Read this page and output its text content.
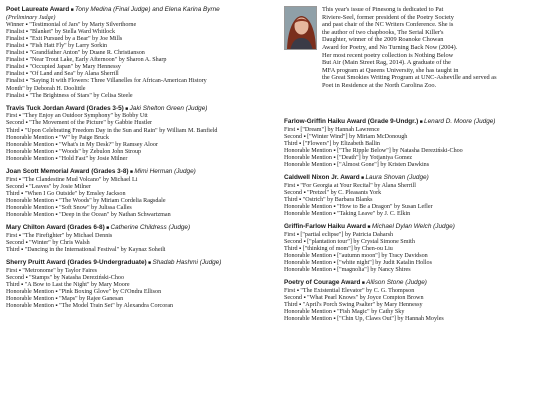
Poet Laureate Award ■ Tony Medina (Final Judge) and Elena Karina Byrne
(Preliminary Judge)
Winner ▪ "Testimonial of Jars" by Marty Silverthorne
Finalist ▪ "Blanket" by Stella Ward Whitlock
Finalist ▪ "Exit Pursued by a Bear" by Joe Mills
Finalist ▪ "Fish Hatt Fly" by Larry Sorkin
Finalist ▪ "Grandfather Anton" by Duane R. Christianson
Finalist ▪ "Near Trout Lake, Early Afternoon" by Sharon A. Sharp
Finalist ▪ "Occupied Japan" by Mary Hennessy
Finalist ▪ "Of Land and Sea" by Alana Sherrill
Finalist ▪ "Saying It with Flowers: Three Villanelles for African-American History
Month" by Deborah H. Doolittle
Finalist ▪ "The Brightness of Stars" by Celisa Steele
Travis Tuck Jordan Award (Grades 3-5) ■ Jaki Shelton Green (Judge)
First ▪ "They Enjoy an Outdoor Symphony" by Bobby Utt
Second ▪ "The Movement of the Picture" by Gabbie Hustler
Third ▪ "Upon Celebrating Freedom Day in the Sun and Rain" by William M. Banfield
Honorable Mention ▪ "W" by Paige Bruck
Honorable Mention ▪ "What's in My Desk?" by Ramsey Aloor
Honorable Mention ▪ "Woods" by Zebulon John Stroup
Honorable Mention ▪ "Hold Fast" by Josie Milner
Joan Scott Memorial Award (Grades 3-8) ■ Mimi Herman (Judge)
First ▪ "The Clandestine Mud Volcano" by Michael Li
Second ▪ "Leaves" by Josie Milner
Third ▪ "When I Go Outside" by Emsley Jackson
Honorable Mention ▪ "The Woods" by Miriam Cordelia Ragsdale
Honorable Mention ▪ "Soft Snow" by Julissa Calles
Honorable Mention ▪ "Deep in the Ocean" by Nathan Schwartzman
Mary Chilton Award (Grades 6-8) ■ Catherine Childress (Judge)
First ▪ "The Firefighter" by Michael Dennis
Second ▪ "Winter" by Chris Walsh
Third ▪ "Dancing in the International Festival" by Kaynaz Soheili
Sherry Pruitt Award (Grades 9-Undergraduate) ■ Shadab Hashmi (Judge)
First ▪ "Metronome" by Taylor Faires
Second ▪ "Stamps" by Natasha Dereziński-Choo
Third ▪ "A Bow to Last the Night" by Mary Moore
Honorable Mention ▪ "Pink Boxing Glove" by Ci'Ondra Ellison
Honorable Mention ▪ "Maps" by Rajee Ganesan
Honorable Mention ▪ "The Model Train Set" by Alexandra Corcoran
This year's issue of Pinesong is dedicated to Pat
Riviere-Seel, former president of the Poetry Society
and past chair of the NC Writers Conference. She is
the author of two chapbooks, The Serial Killer's
Daughter, winner of the 2009 Roanoke Chowan
Award for Poetry, and No Turning Back Now (2004).
Her most recent poetry collection is Nothing Below
But Air (Main Street Rag, 2014). A graduate of the
MFA program at Queens University, she has taught in
the Great Smokies Writing Program at UNC-Asheville and served as
Poet in Residence at the North Carolina Zoo.
Farlow-Griffin Haiku Award (Grade 9-Undgr.) ■ Lenard D. Moore (Judge)
First ▪ ["Dream"] by Hannah Lawrence
Second ▪ ["Winter Wind"] by Miriam McDonough
Third ▪ ["Flowers"] by Elizabeth Ballin
Honorable Mention ▪ ["The Ripple Below"] by Natasha Dereziński-Choo
Honorable Mention ▪ ["Death"] by Yotjaniya Gomez
Honorable Mention ▪ ["Almost Gone"] by Kristen Dawkins
Caldwell Nixon Jr. Award ■ Laura Shovan (Judge)
First ▪ "For Georgia at Your Recital" by Alana Sherrill
Second ▪ "Pretzel" by C. Pleasants York
Third ▪ "Ostrich" by Barbara Blanks
Honorable Mention ▪ "How to Be a Dragon" by Susan Lefler
Honorable Mention ▪ "Taking Leave" by J. C. Elkin
Griffin-Farlow Haiku Award ■ Michael Dylan Welch (Judge)
First ▪ ["partial eclipse"] by Patricia Daharsh
Second ▪ ["plantation tour"] by Crystal Simone Smith
Third ▪ ["thinking of mom"] by Chen-ou Liu
Honorable Mention ▪ ["autumn moon"] by Tracy Davidson
Honorable Mention ▪ ["white night"] by Judit Katalin Hollos
Honorable Mention ▪ ["magnolia"] by Nancy Shires
Poetry of Courage Award ■ Allison Stone (Judge)
First ▪ "The Existential Elevator" by C. G. Thompson
Second ▪ "What Pearl Knows" by Joyce Compton Brown
Third ▪ "April's Porch Swing Psalter" by Mary Hennessy
Honorable Mention ▪ "Fish Magic" by Cathy Sky
Honorable Mention ▪ ["Chin Up, Claws Out"] by Hannah Moyles
